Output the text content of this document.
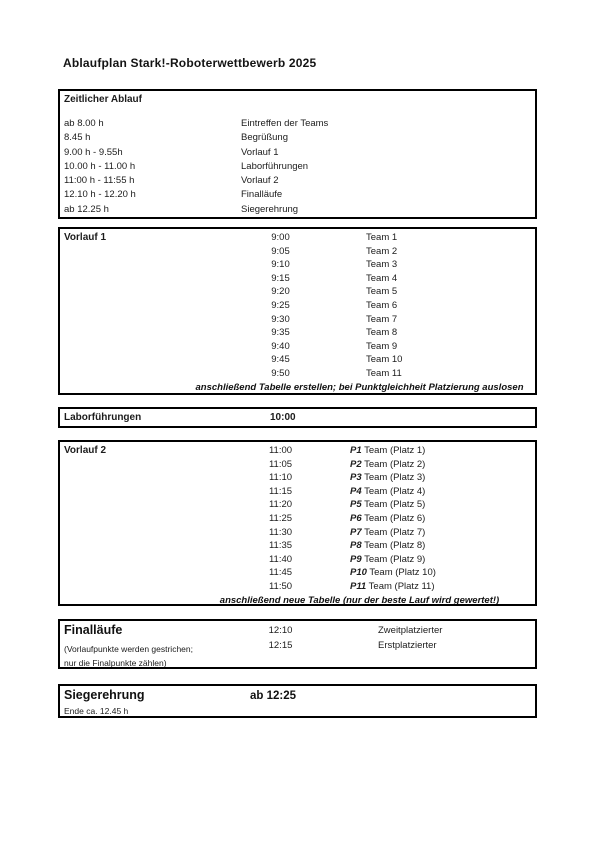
Ablaufplan Stark!-Roboterwettbewerb 2025
Zeitlicher Ablauf
ab 8.00 h	Eintreffen der Teams
8.45 h	Begrüßung
9.00 h - 9.55h	Vorlauf 1
10.00 h - 11.00 h	Laborführungen
11:00 h - 11:55 h	Vorlauf 2
12.10 h - 12.20 h	Finalläufe
ab 12.25 h	Siegerehrung
Vorlauf 1	9:00	Team 1
9:05	Team 2
9:10	Team 3
9:15	Team 4
9:20	Team 5
9:25	Team 6
9:30	Team 7
9:35	Team 8
9:40	Team 9
9:45	Team 10
9:50	Team 11
anschließend Tabelle erstellen; bei Punktgleichheit Platzierung auslosen
Laborführungen	10:00
Vorlauf 2	11:00	P1 Team (Platz 1)
11:05	P2 Team (Platz 2)
11:10	P3 Team (Platz 3)
11:15	P4 Team (Platz 4)
11:20	P5 Team (Platz 5)
11:25	P6 Team (Platz 6)
11:30	P7 Team (Platz 7)
11:35	P8 Team (Platz 8)
11:40	P9 Team (Platz 9)
11:45	P10 Team (Platz 10)
11:50	P11 Team (Platz 11)
anschließend neue Tabelle (nur der beste Lauf wird gewertet!)
Finalläufe
(Vorlaufpunkte werden gestrichen;
nur die Finalpunkte zählen)
12:10	Zweitplatzierter
12:15	Erstplatzierter
Siegerehrung	ab 12:25
Ende ca. 12.45 h
